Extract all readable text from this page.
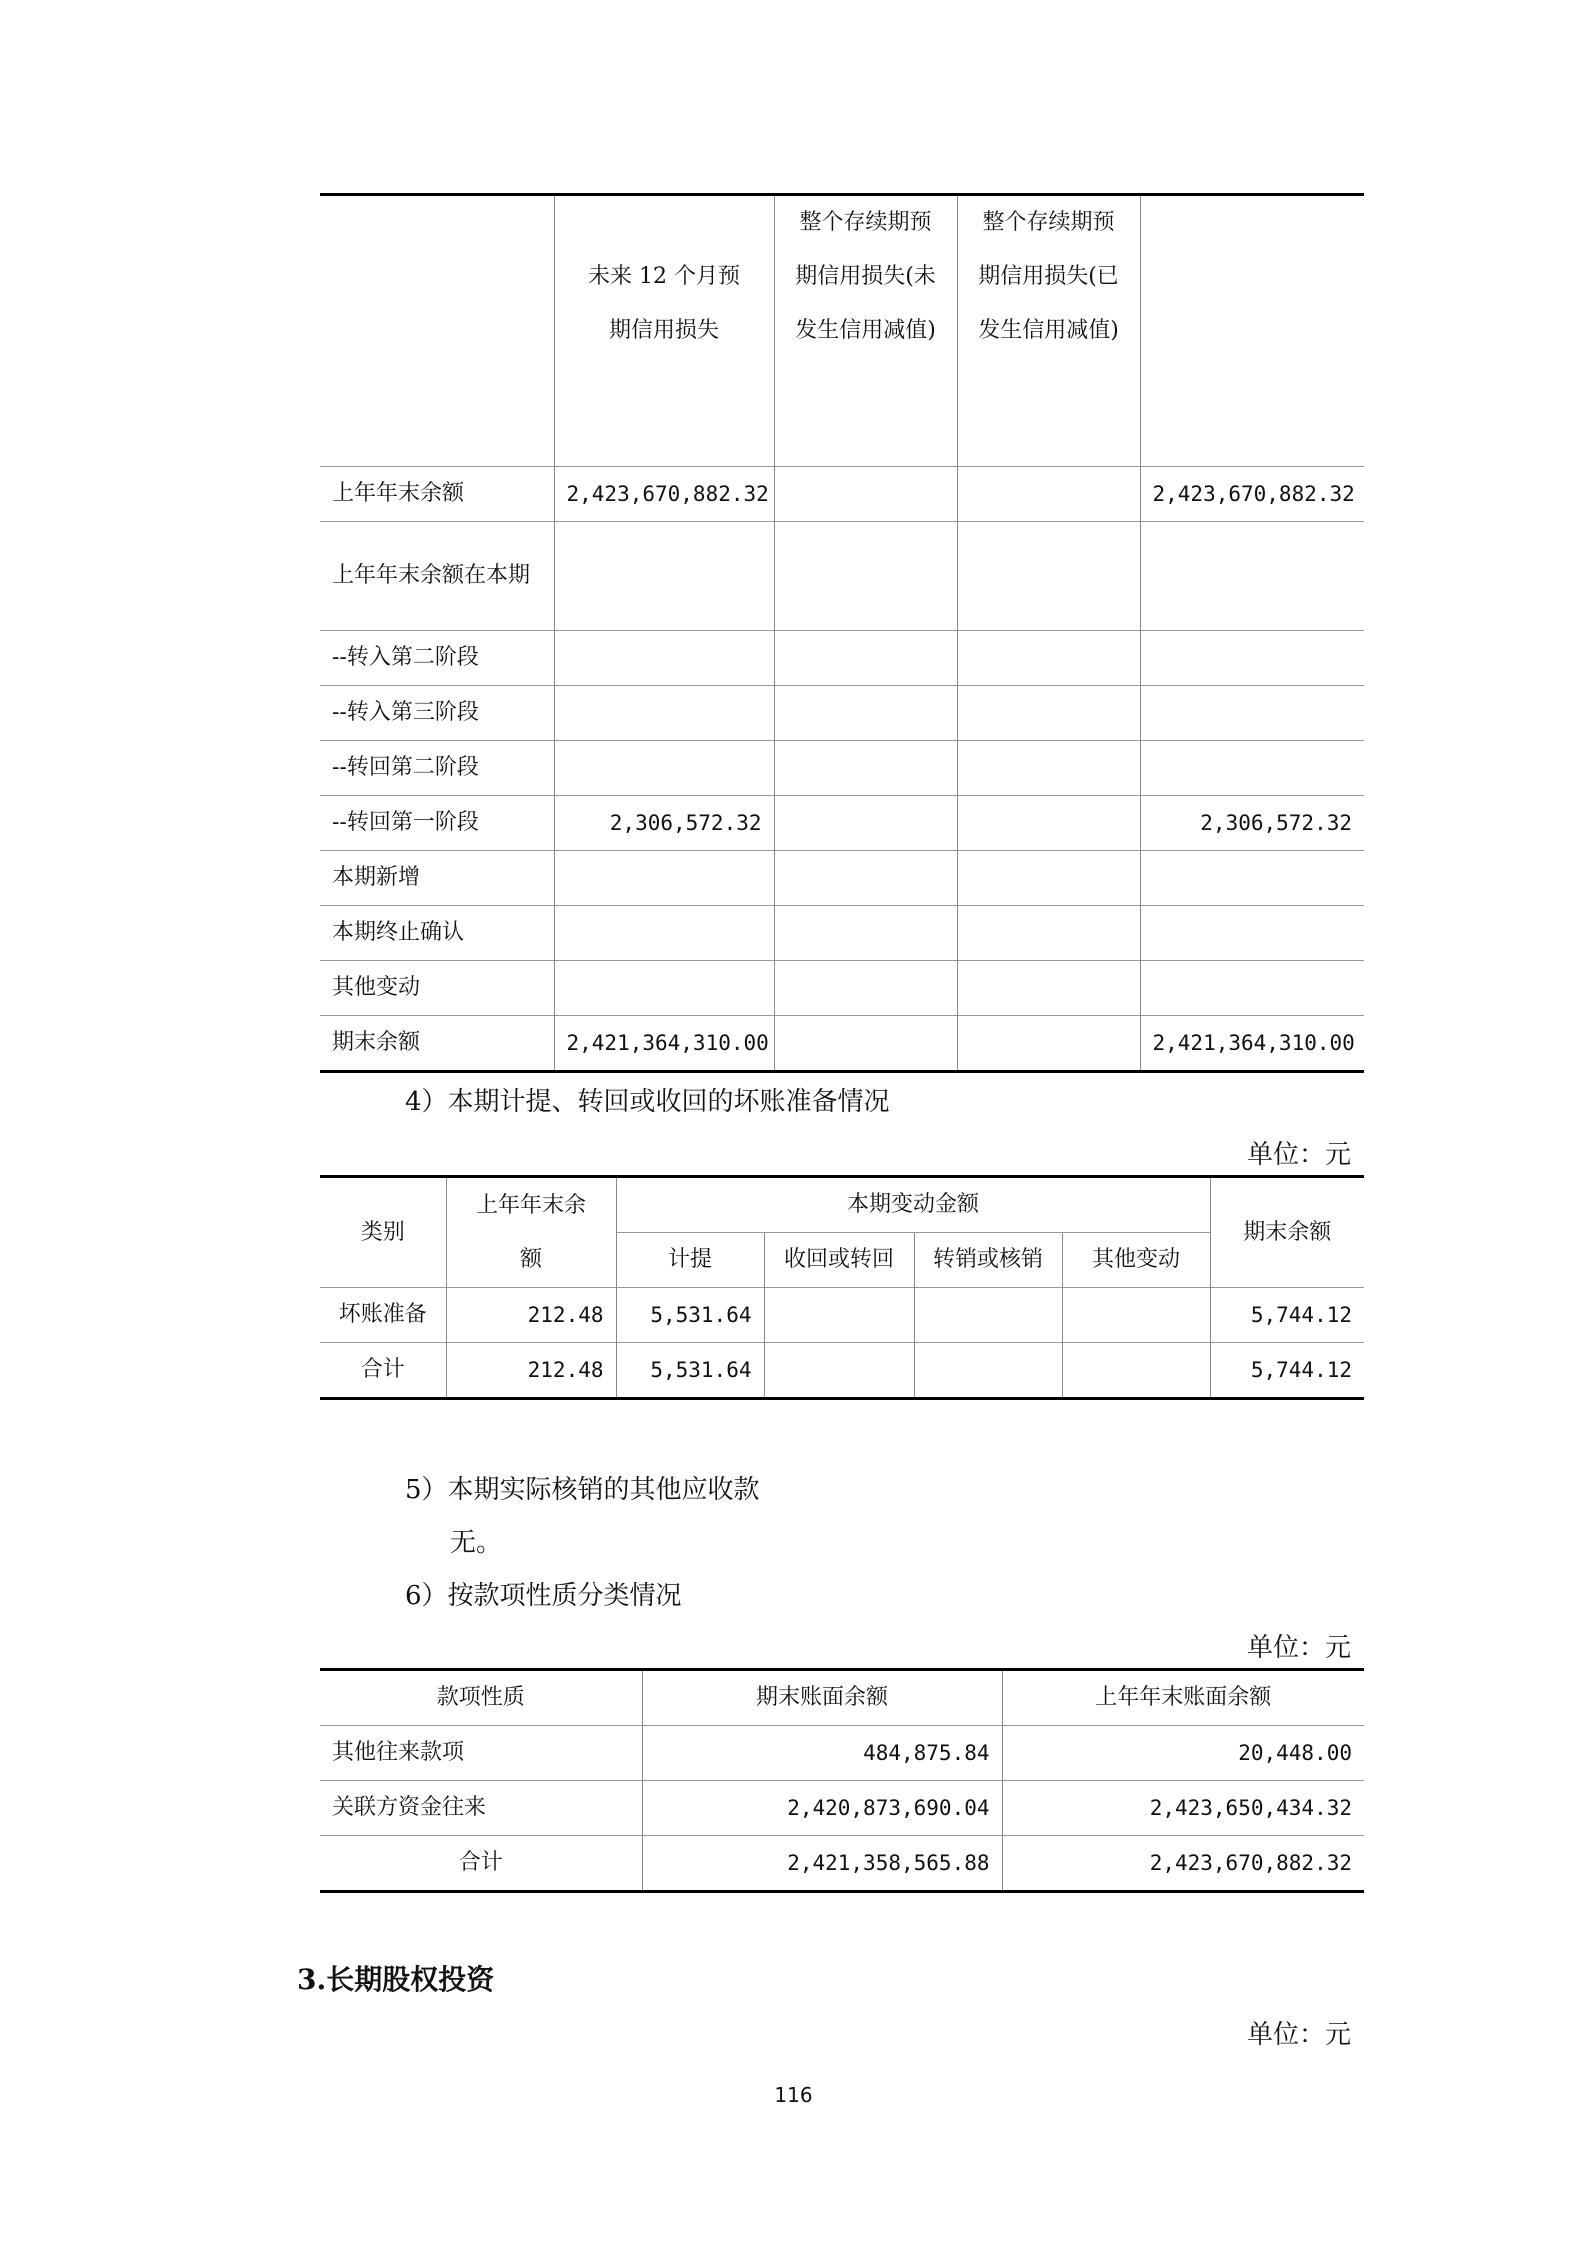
	未来 12 个月预期信用损失	整个存续期预期信用损失(未发生信用减值)	整个存续期预期信用损失(已发生信用减值)	
上年年末余额	2,423,670,882.32			2,423,670,882.32
上年年末余额在本期				
--转入第二阶段				
--转入第三阶段				
--转回第二阶段				
--转回第一阶段	2,306,572.32			2,306,572.32
本期新增				
本期终止确认				
其他变动				
期末余额	2,421,364,310.00			2,421,364,310.00
4）本期计提、转回或收回的坏账准备情况
单位：元
类别	上年年末余额	本期变动金额				期末余额
		计提	收回或转回	转销或核销	其他变动	
坏账准备	212.48	5,531.64				5,744.12
合计	212.48	5,531.64				5,744.12
5）本期实际核销的其他应收款
无。
6）按款项性质分类情况
单位：元
款项性质	期末账面余额	上年年末账面余额
其他往来款项	484,875.84	20,448.00
关联方资金往来	2,420,873,690.04	2,423,650,434.32
合计	2,421,358,565.88	2,423,670,882.32
3.长期股权投资
单位：元
116
